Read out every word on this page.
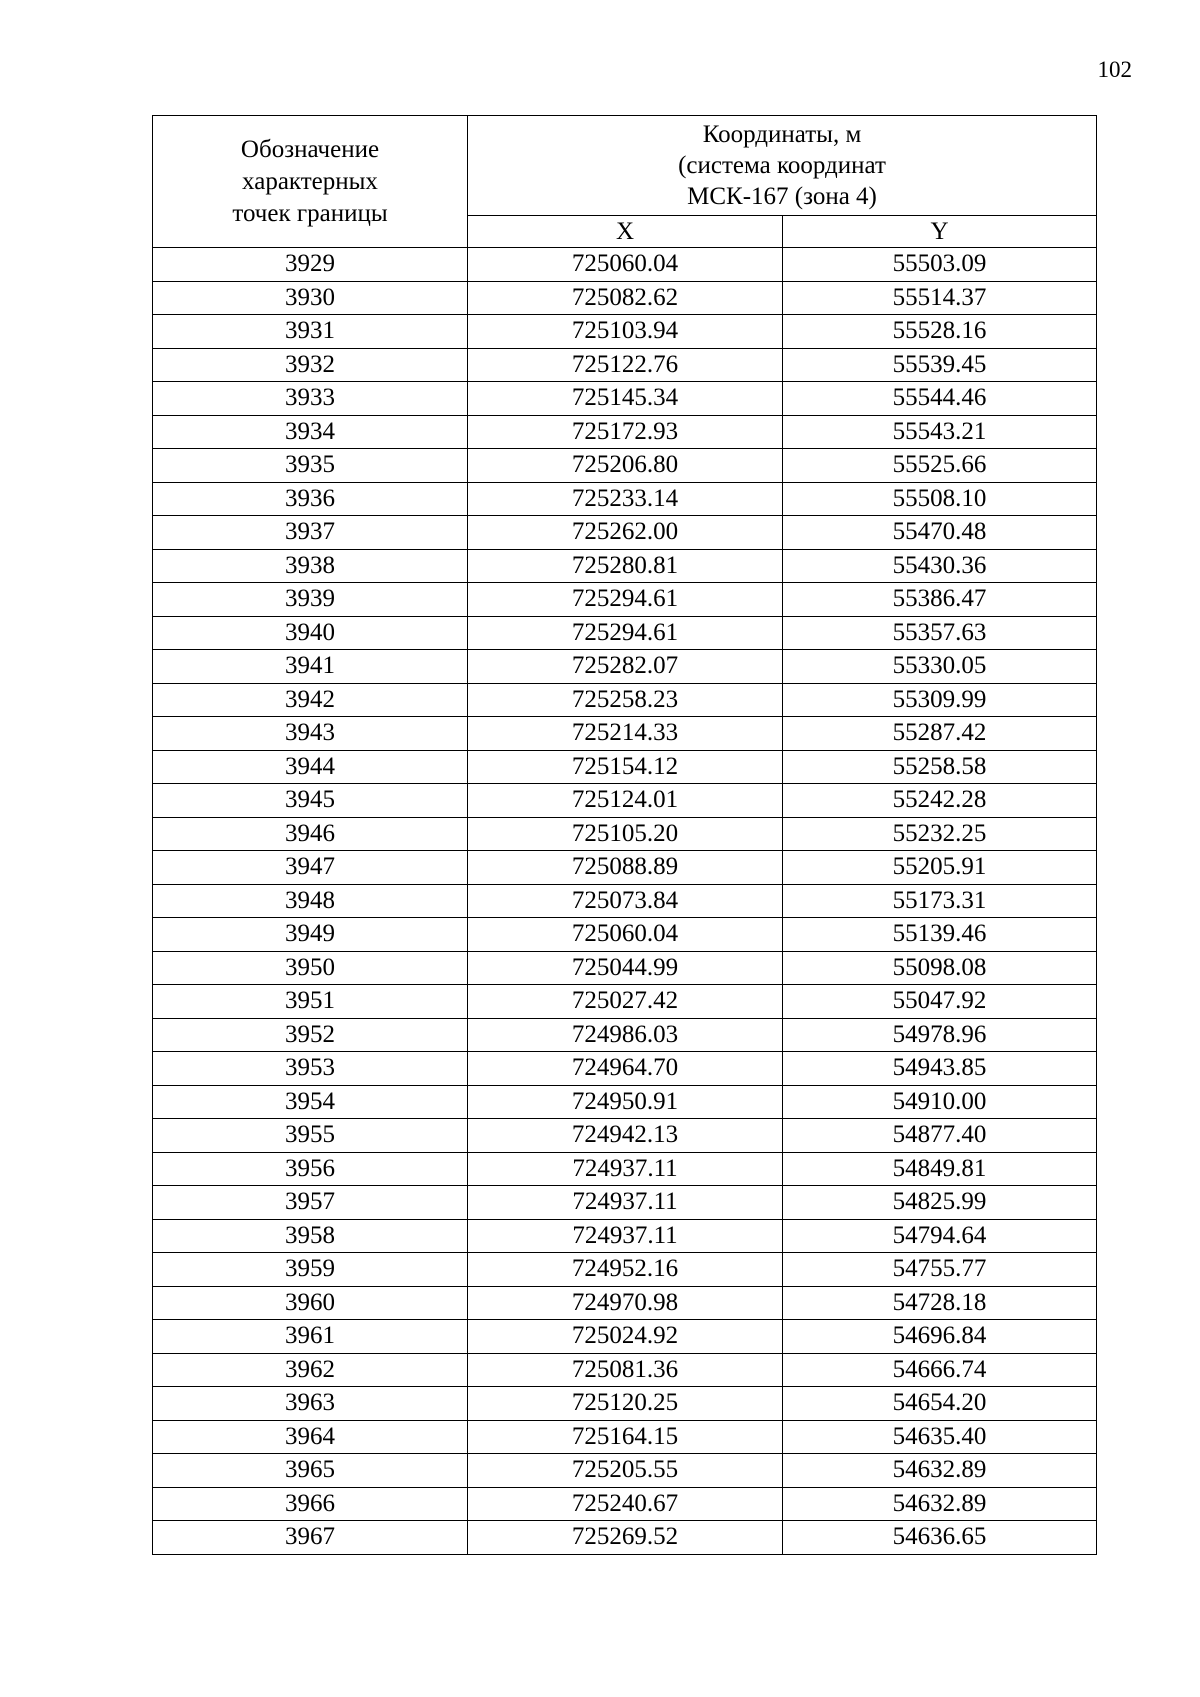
102
Обозначение
характерных
точек границы	Координаты, м
(система координат
МСК-167 (зона 4)	
	X	Y
3929	725060.04	55503.09
3930	725082.62	55514.37
3931	725103.94	55528.16
3932	725122.76	55539.45
3933	725145.34	55544.46
3934	725172.93	55543.21
3935	725206.80	55525.66
3936	725233.14	55508.10
3937	725262.00	55470.48
3938	725280.81	55430.36
3939	725294.61	55386.47
3940	725294.61	55357.63
3941	725282.07	55330.05
3942	725258.23	55309.99
3943	725214.33	55287.42
3944	725154.12	55258.58
3945	725124.01	55242.28
3946	725105.20	55232.25
3947	725088.89	55205.91
3948	725073.84	55173.31
3949	725060.04	55139.46
3950	725044.99	55098.08
3951	725027.42	55047.92
3952	724986.03	54978.96
3953	724964.70	54943.85
3954	724950.91	54910.00
3955	724942.13	54877.40
3956	724937.11	54849.81
3957	724937.11	54825.99
3958	724937.11	54794.64
3959	724952.16	54755.77
3960	724970.98	54728.18
3961	725024.92	54696.84
3962	725081.36	54666.74
3963	725120.25	54654.20
3964	725164.15	54635.40
3965	725205.55	54632.89
3966	725240.67	54632.89
3967	725269.52	54636.65
